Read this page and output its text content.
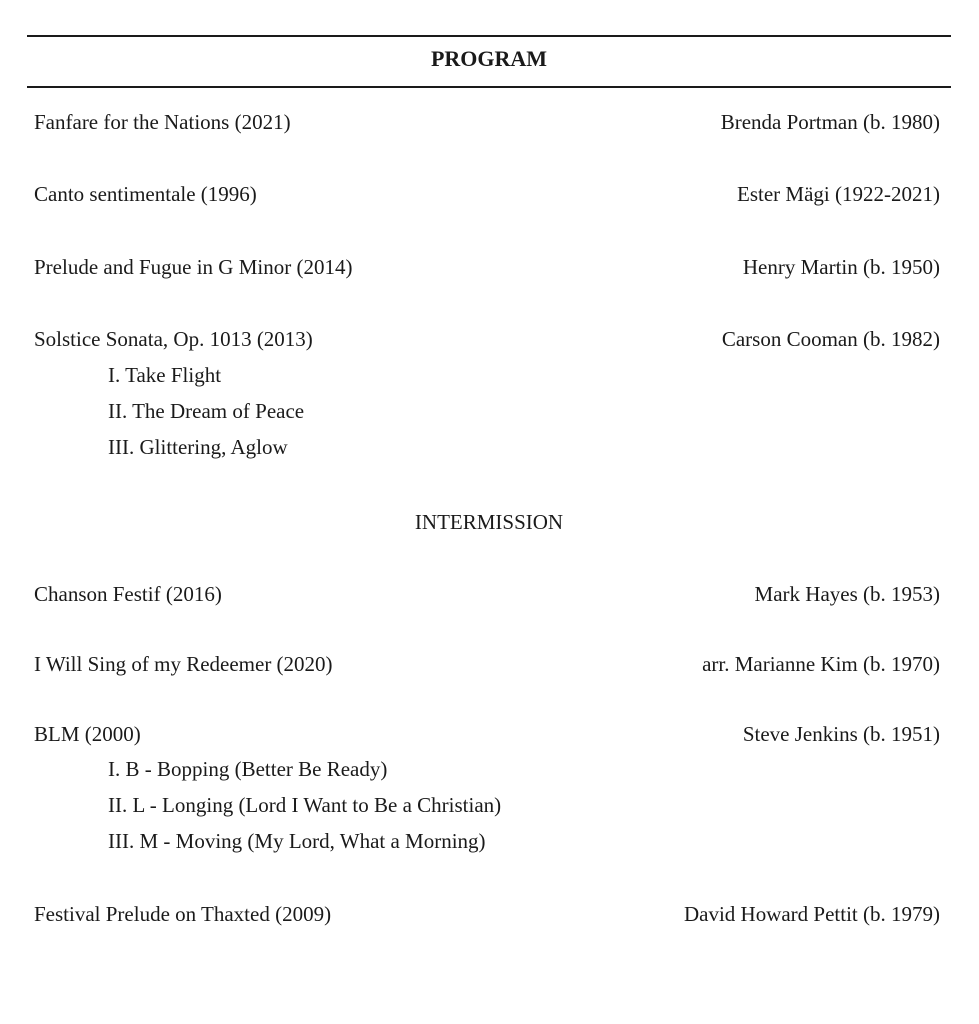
PROGRAM
Fanfare for the Nations (2021)	Brenda Portman (b. 1980)
Canto sentimentale (1996)	Ester Mägi (1922-2021)
Prelude and Fugue in G Minor (2014)	Henry Martin (b. 1950)
Solstice Sonata, Op. 1013 (2013)	Carson Cooman (b. 1982)
I. Take Flight
II. The Dream of Peace
III. Glittering, Aglow
INTERMISSION
Chanson Festif (2016)	Mark Hayes (b. 1953)
I Will Sing of my Redeemer (2020)	arr. Marianne Kim (b. 1970)
BLM (2000)	Steve Jenkins (b. 1951)
I. B - Bopping (Better Be Ready)
II. L - Longing (Lord I Want to Be a Christian)
III. M - Moving (My Lord, What a Morning)
Festival Prelude on Thaxted (2009)	David Howard Pettit (b. 1979)
